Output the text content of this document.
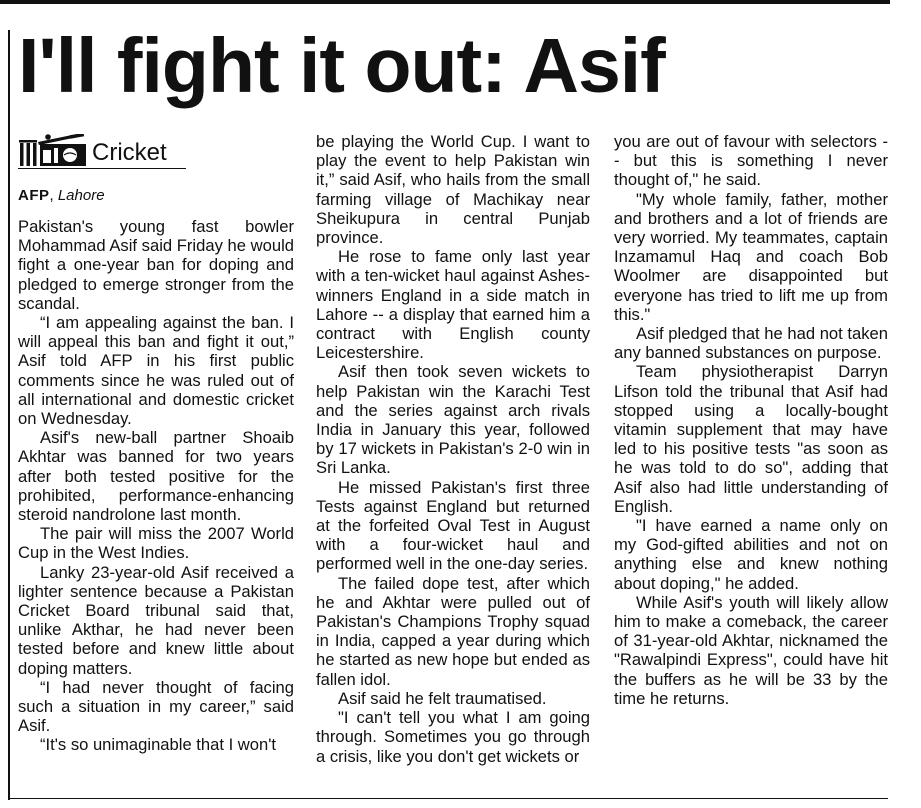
I'll fight it out: Asif
Cricket
AFP, Lahore

Pakistan's young fast bowler Mohammad Asif said Friday he would fight a one-year ban for doping and pledged to emerge stronger from the scandal.

“I am appealing against the ban. I will appeal this ban and fight it out,” Asif told AFP in his first public comments since he was ruled out of all international and domestic cricket on Wednesday.

Asif's new-ball partner Shoaib Akhtar was banned for two years after both tested positive for the prohibited, performance-enhancing steroid nandrolone last month.

The pair will miss the 2007 World Cup in the West Indies.

Lanky 23-year-old Asif received a lighter sentence because a Pakistan Cricket Board tribunal said that, unlike Akthar, he had never been tested before and knew little about doping matters.

“I had never thought of facing such a situation in my career,” said Asif.

“It's so unimaginable that I won't

be playing the World Cup. I want to play the event to help Pakistan win it,” said Asif, who hails from the small farming village of Machikay near Sheikupura in central Punjab province.

He rose to fame only last year with a ten-wicket haul against Ashes-winners England in a side match in Lahore -- a display that earned him a contract with English county Leicestershire.

Asif then took seven wickets to help Pakistan win the Karachi Test and the series against arch rivals India in January this year, followed by 17 wickets in Pakistan's 2-0 win in Sri Lanka.

He missed Pakistan's first three Tests against England but returned at the forfeited Oval Test in August with a four-wicket haul and performed well in the one-day series.

The failed dope test, after which he and Akhtar were pulled out of Pakistan's Champions Trophy squad in India, capped a year during which he started as new hope but ended as fallen idol.

Asif said he felt traumatised.

"I can't tell you what I am going through. Sometimes you go through a crisis, like you don't get wickets or

you are out of favour with selectors - - but this is something I never thought of," he said.

"My whole family, father, mother and brothers and a lot of friends are very worried. My teammates, captain Inzamamul Haq and coach Bob Woolmer are disappointed but everyone has tried to lift me up from this."

Asif pledged that he had not taken any banned substances on purpose.

Team physiotherapist Darryn Lifson told the tribunal that Asif had stopped using a locally-bought vitamin supplement that may have led to his positive tests "as soon as he was told to do so", adding that Asif also had little understanding of English.

"I have earned a name only on my God-gifted abilities and not on anything else and knew nothing about doping," he added.

While Asif's youth will likely allow him to make a comeback, the career of 31-year-old Akhtar, nicknamed the "Rawalpindi Express", could have hit the buffers as he will be 33 by the time he returns.
